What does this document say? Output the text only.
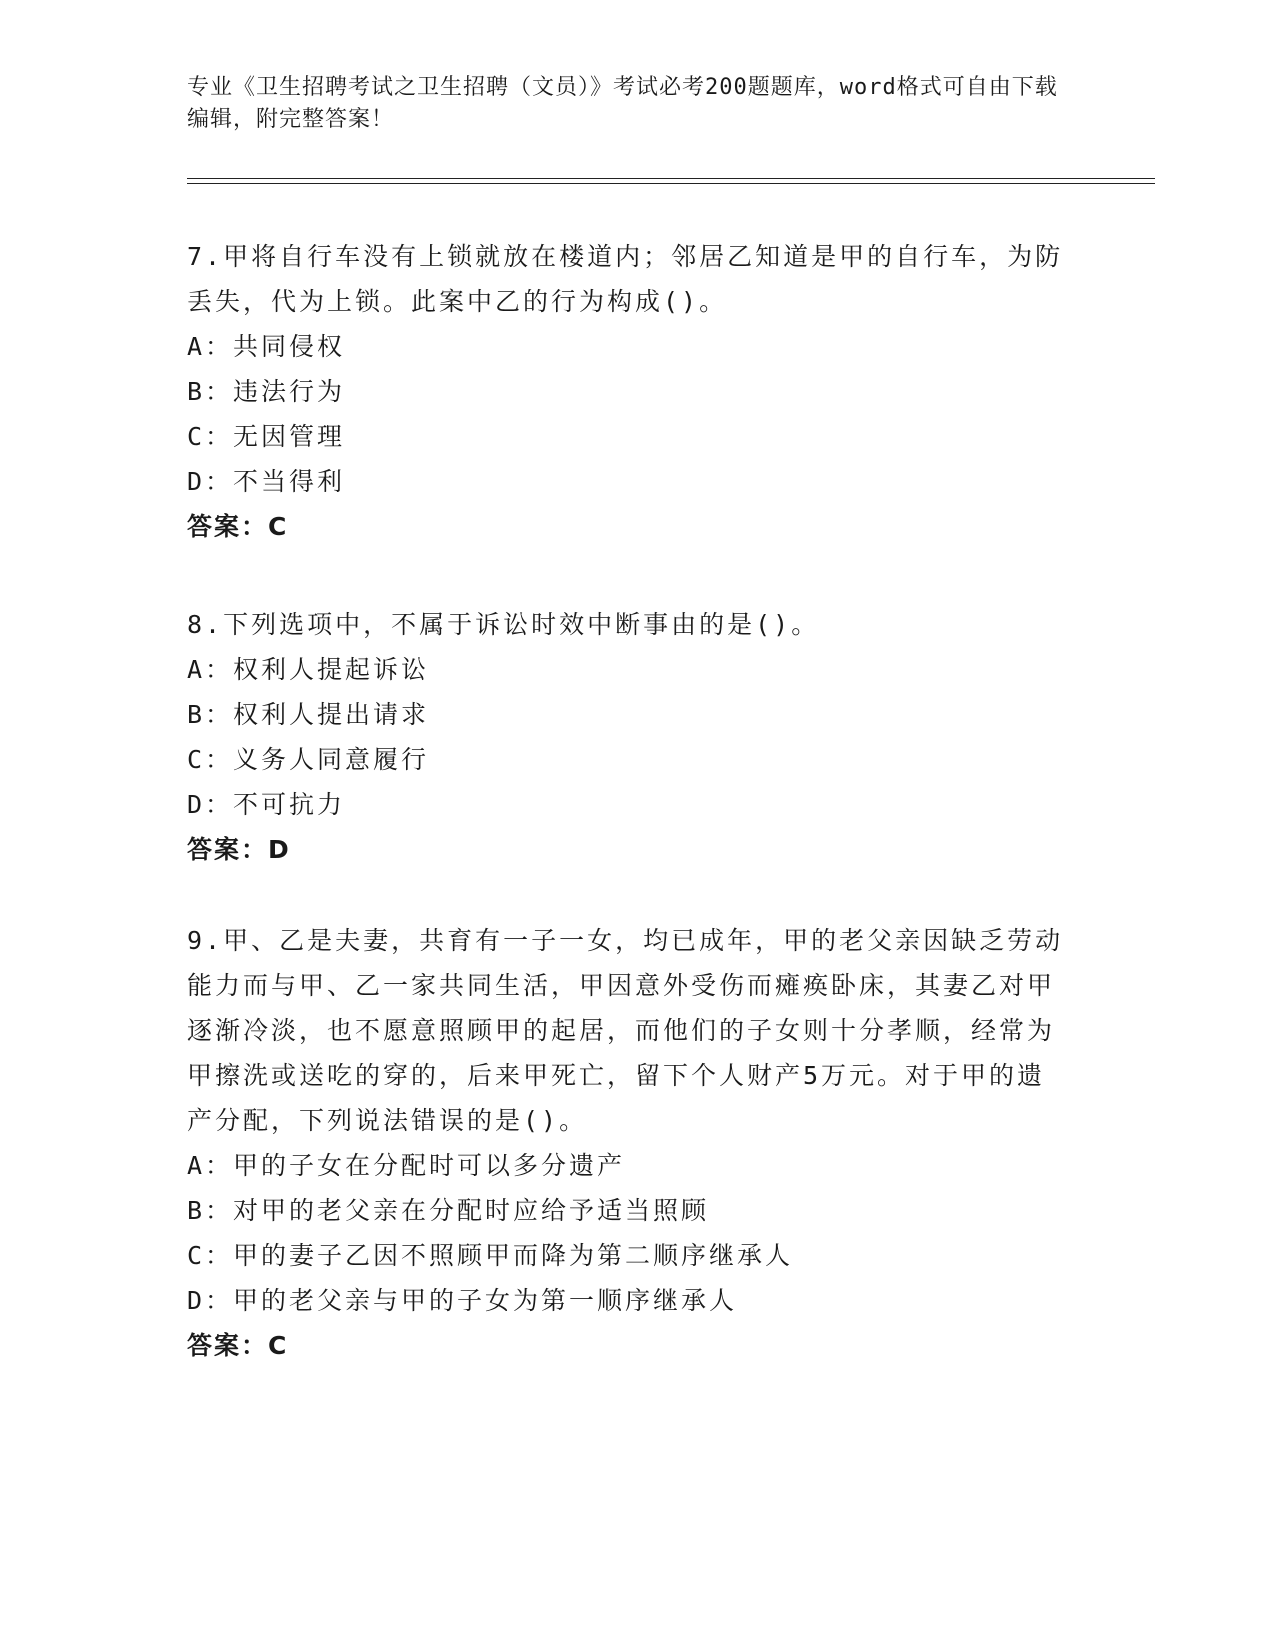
专业《卫生招聘考试之卫生招聘（文员）》考试必考200题题库，word格式可自由下载编辑，附完整答案！

7.甲将自行车没有上锁就放在楼道内；邻居乙知道是甲的自行车，为防丢失，代为上锁。此案中乙的行为构成()。

A：共同侵权

B：违法行为

C：无因管理

D：不当得利

答案：C

8.下列选项中，不属于诉讼时效中断事由的是()。

A：权利人提起诉讼

B：权利人提出请求

C：义务人同意履行

D：不可抗力

答案：D

9.甲、乙是夫妻，共育有一子一女，均已成年，甲的老父亲因缺乏劳动能力而与甲、乙一家共同生活，甲因意外受伤而瘫痪卧床，其妻乙对甲逐渐冷淡，也不愿意照顾甲的起居，而他们的子女则十分孝顺，经常为甲擦洗或送吃的穿的，后来甲死亡，留下个人财产5万元。对于甲的遗产分配，下列说法错误的是()。

A：甲的子女在分配时可以多分遗产

B：对甲的老父亲在分配时应给予适当照顾

C：甲的妻子乙因不照顾甲而降为第二顺序继承人

D：甲的老父亲与甲的子女为第一顺序继承人

答案：C
